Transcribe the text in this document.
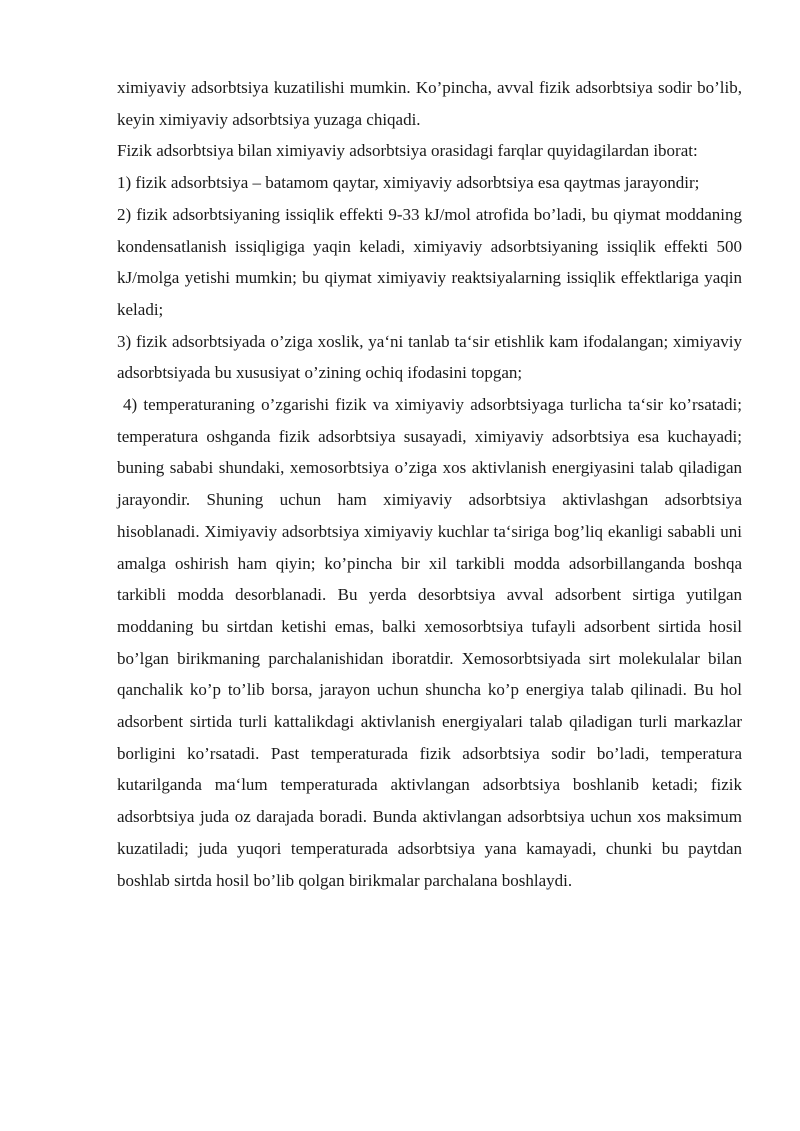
ximiyaviy adsorbtsiya kuzatilishi mumkin. Ko’pincha, avval fizik adsorbtsiya sodir bo’lib, keyin ximiyaviy adsorbtsiya yuzaga chiqadi.

Fizik adsorbtsiya bilan ximiyaviy adsorbtsiya orasidagi farqlar quyidagilardan iborat:

1) fizik adsorbtsiya – batamom qaytar, ximiyaviy adsorbtsiya esa qaytmas jarayondir;

2) fizik adsorbtsiyaning issiqlik effekti 9-33 kJ/mol atrofida bo’ladi, bu qiymat moddaning kondensatlanish issiqligiga yaqin keladi, ximiyaviy adsorbtsiyaning issiqlik effekti 500 kJ/molga yetishi mumkin; bu qiymat ximiyaviy reaktsiyalarning issiqlik effektlariga yaqin keladi;

3) fizik adsorbtsiyada o’ziga xoslik, ya‘ni tanlab ta‘sir etishlik kam ifodalangan; ximiyaviy adsorbtsiyada bu xususiyat o’zining ochiq ifodasini topgan;

4) temperaturaning o’zgarishi fizik va ximiyaviy adsorbtsiyaga turlicha ta‘sir ko’rsatadi; temperatura oshganda fizik adsorbtsiya susayadi, ximiyaviy adsorbtsiya esa kuchayadi; buning sababi shundaki, xemosorbtsiya o’ziga xos aktivlanish energiyasini talab qiladigan jarayondir. Shuning uchun ham ximiyaviy adsorbtsiya aktivlashgan adsorbtsiya hisoblanadi. Ximiyaviy adsorbtsiya ximiyaviy kuchlar ta‘siriga bog’liq ekanligi sababli uni amalga oshirish ham qiyin; ko’pincha bir xil tarkibli modda adsorbillanganda boshqa tarkibli modda desorblanadi. Bu yerda desorbtsiya avval adsorbent sirtiga yutilgan moddaning bu sirtdan ketishi emas, balki xemosorbtsiya tufayli adsorbent sirtida hosil bo’lgan birikmaning parchalanishidan iboratdir. Xemosorbtsiyada sirt molekulalar bilan qanchalik ko’p to’lib borsa, jarayon uchun shuncha ko’p energiya talab qilinadi. Bu hol adsorbent sirtida turli kattalikdagi aktivlanish energiyalari talab qiladigan turli markazlar borligini ko’rsatadi. Past temperaturada fizik adsorbtsiya sodir bo’ladi, temperatura kutarilganda ma‘lum temperaturada aktivlangan adsorbtsiya boshlanib ketadi; fizik adsorbtsiya juda oz darajada boradi. Bunda aktivlangan adsorbtsiya uchun xos maksimum kuzatiladi; juda yuqori temperaturada adsorbtsiya yana kamayadi, chunki bu paytdan boshlab sirtda hosil bo’lib qolgan birikmalar parchalana boshlaydi.
